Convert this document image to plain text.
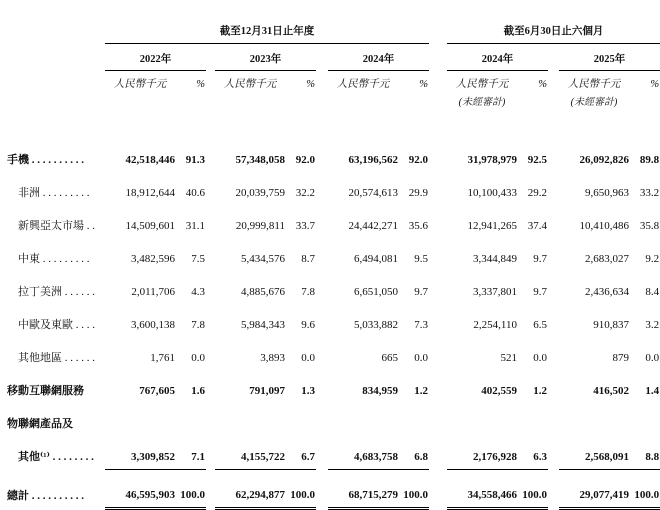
	截至12月31日止年度									截至6月30日止六個月				
	2022年			2023年			2024年			2024年			2025年	
	人民幣千元	%		人民幣千元	%		人民幣千元	%		人民幣千元	%		人民幣千元	%
										(未經審計)			(未經審計)	

手機 . . . . . . . . . .	42,518,446	91.3		57,348,058	92.0		63,196,562	92.0		31,978,979	92.5		26,092,826	89.8
非洲 . . . . . . . . .	18,912,644	40.6		20,039,759	32.2		20,574,613	29.9		10,100,433	29.2		9,650,963	33.2
新興亞太市場 . .	14,509,601	31.1		20,999,811	33.7		24,442,271	35.6		12,941,265	37.4		10,410,486	35.8
中東 . . . . . . . . .	3,482,596	7.5		5,434,576	8.7		6,494,081	9.5		3,344,849	9.7		2,683,027	9.2
拉丁美洲 . . . . . .	2,011,706	4.3		4,885,676	7.8		6,651,050	9.7		3,337,801	9.7		2,436,634	8.4
中歐及東歐 . . . .	3,600,138	7.8		5,984,343	9.6		5,033,882	7.3		2,254,110	6.5		910,837	3.2
其他地區 . . . . . .	1,761	0.0		3,893	0.0		665	0.0		521	0.0		879	0.0
移動互聯網服務	767,605	1.6		791,097	1.3		834,959	1.2		402,559	1.2		416,502	1.4
物聯網產品及														
其他⁽¹⁾ . . . . . . . .	3,309,852	7.1		4,155,722	6.7		4,683,758	6.8		2,176,928	6.3		2,568,091	8.8
總計 . . . . . . . . . .	46,595,903	100.0		62,294,877	100.0		68,715,279	100.0		34,558,466	100.0		29,077,419	100.0
